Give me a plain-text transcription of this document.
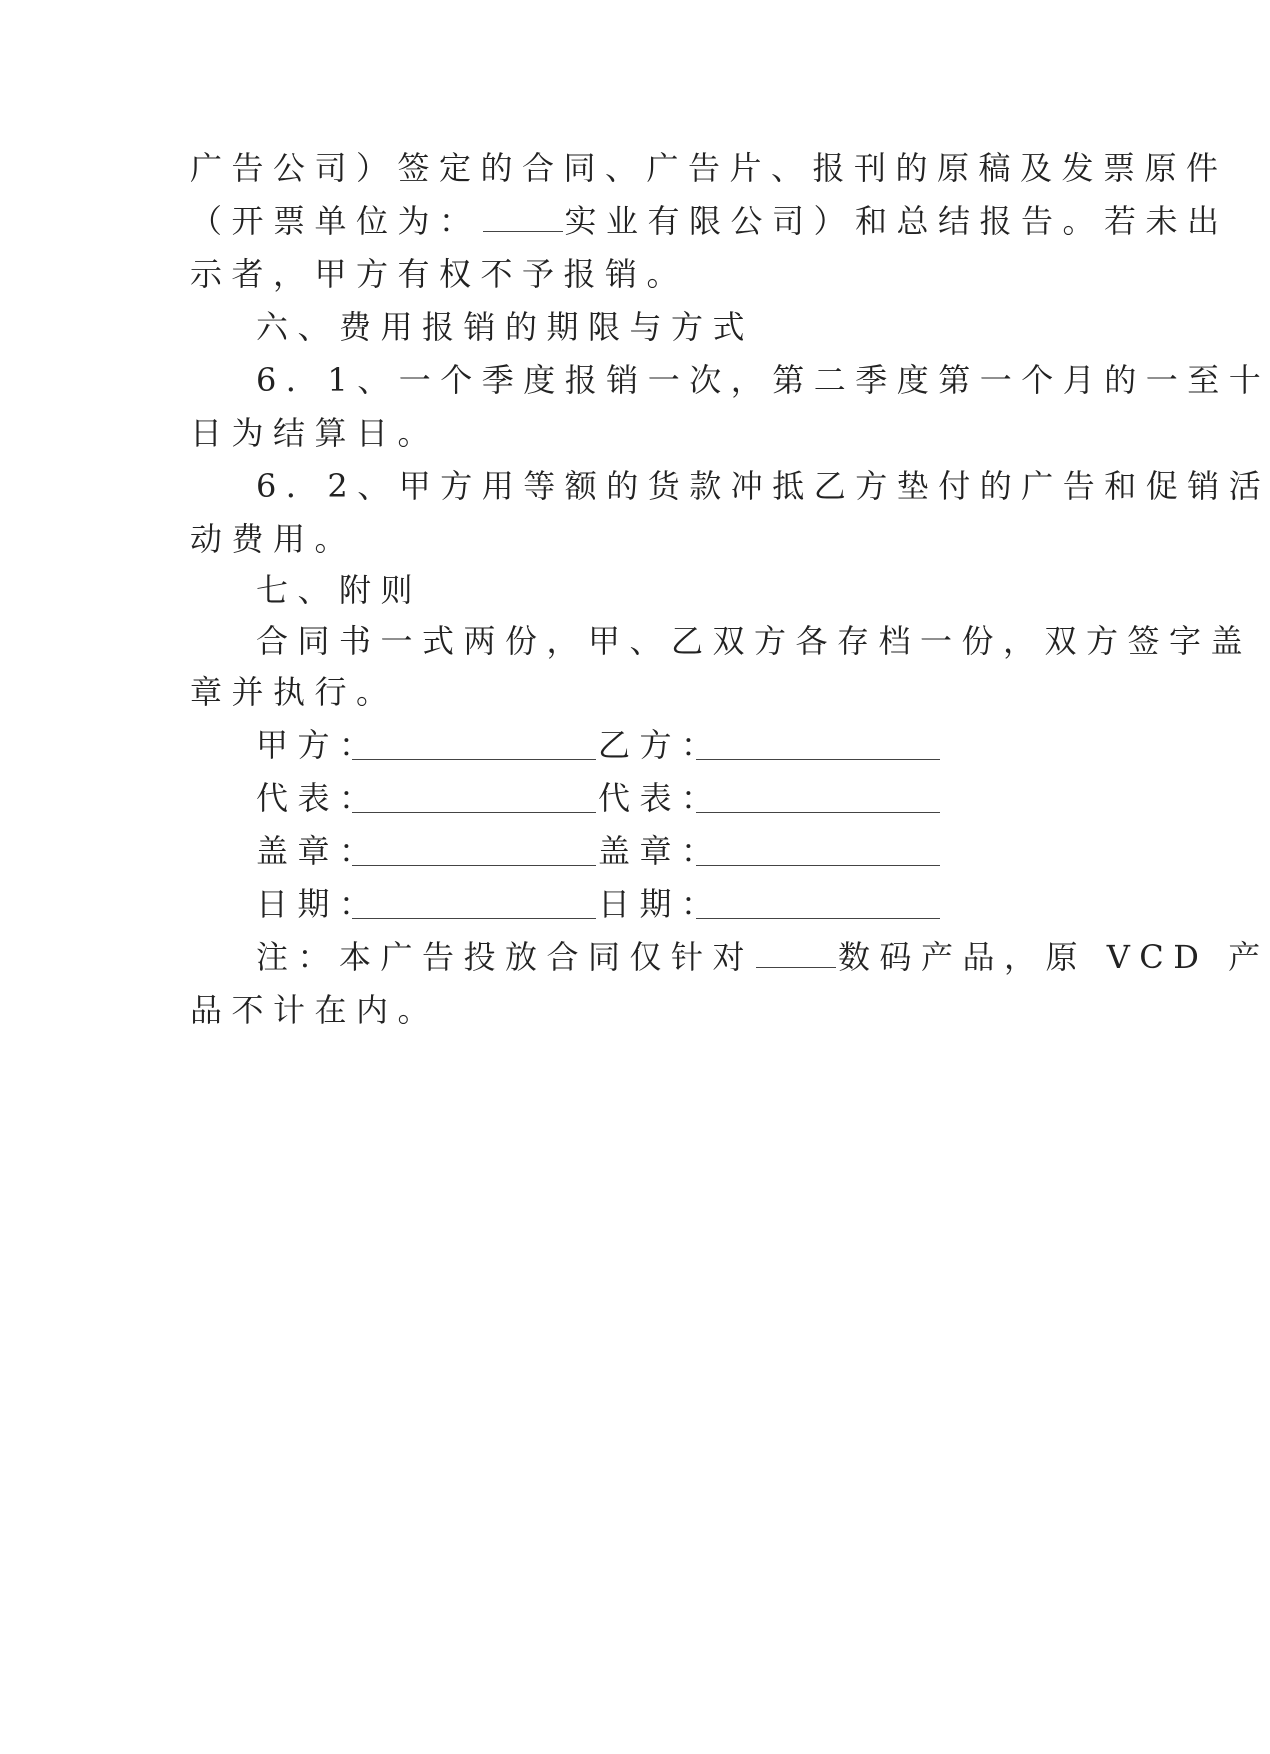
广告公司）签定的合同、广告片、报刊的原稿及发票原件
（开票单位为：	实业有限公司）和总结报告。若未出
示者，甲方有权不予报销。
六、费用报销的期限与方式
6．1、一个季度报销一次，第二季度第一个月的一至十
日为结算日。
6．2、甲方用等额的货款冲抵乙方垫付的广告和促销活
动费用。
七、附则
合同书一式两份，甲、乙双方各存档一份，双方签字盖
章并执行。
甲方：	乙方：
代表：	代表：
盖章：	盖章：
日期：	日期：
注：本广告投放合同仅针对	数码产品，原 VCD 产
品不计在内。
